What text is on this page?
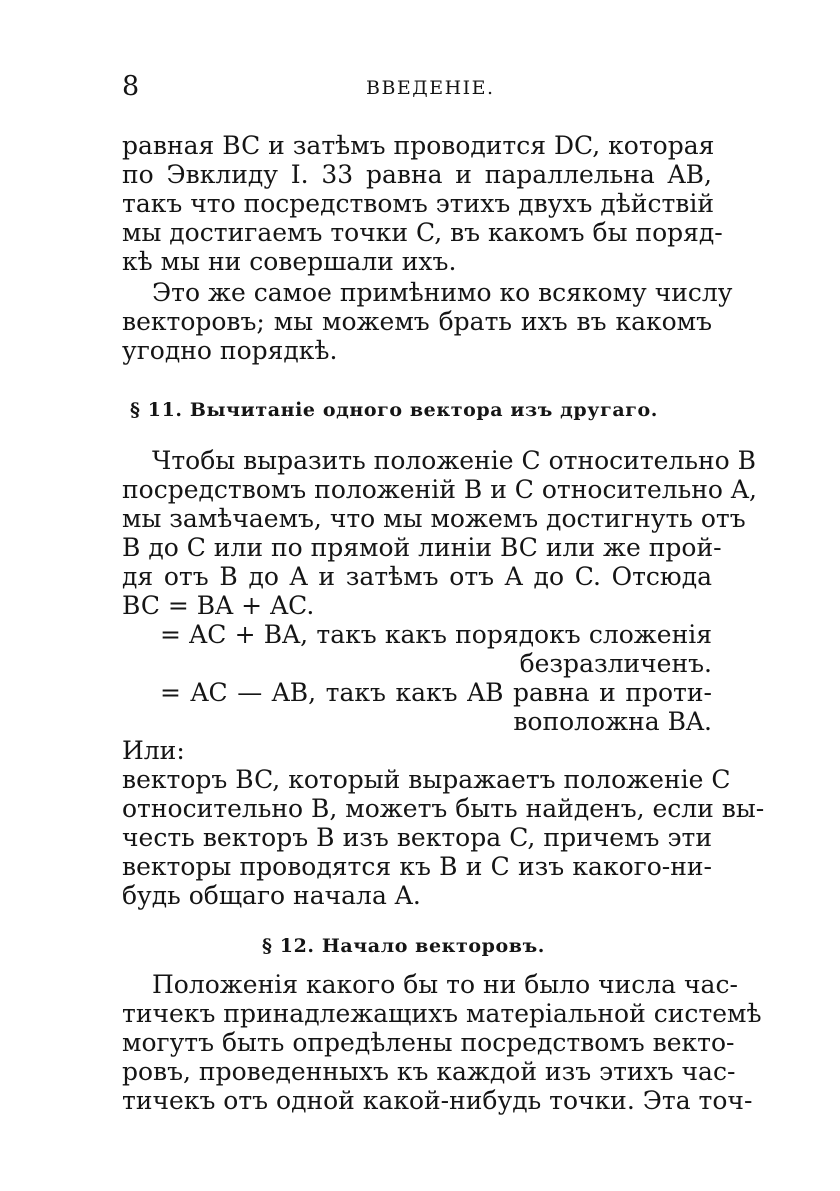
8	ВВЕДЕНІЕ.
равная BC и затѣмъ проводится DC, которая
по Эвклиду I. 33 равна и параллельна AB,
такъ что посредствомъ этихъ двухъ дѣйствій
мы достигаемъ точки C, въ какомъ бы поряд-
кѣ мы ни совершали ихъ.
Это же самое примѣнимо ко всякому числу
векторовъ; мы можемъ брать ихъ въ какомъ
угодно порядкѣ.
§ 11. Вычитаніе одного вектора изъ другаго.
Чтобы выразить положеніе C относительно B
посредствомъ положеній B и C относительно A,
мы замѣчаемъ, что мы можемъ достигнуть отъ
B до C или по прямой линіи BC или же прой-
дя отъ B до A и затѣмъ отъ A до C. Отсюда
BC = BA + AC.
= AC + BA, такъ какъ порядокъ сложенія
безразличенъ.
= AC — AB, такъ какъ AB равна и проти-
воположна BA.
Или:
векторъ BC, который выражаетъ положеніе C
относительно B, можетъ быть найденъ, если вы-
честь векторъ B изъ вектора C, причемъ эти
векторы проводятся къ B и C изъ какого-ни-
будь общаго начала A.
§ 12. Начало векторовъ.
Положенія какого бы то ни было числа час-
тичекъ принадлежащихъ матеріальной системѣ
могутъ быть опредѣлены посредствомъ векто-
ровъ, проведенныхъ къ каждой изъ этихъ час-
тичекъ отъ одной какой-нибудь точки. Эта точ-
